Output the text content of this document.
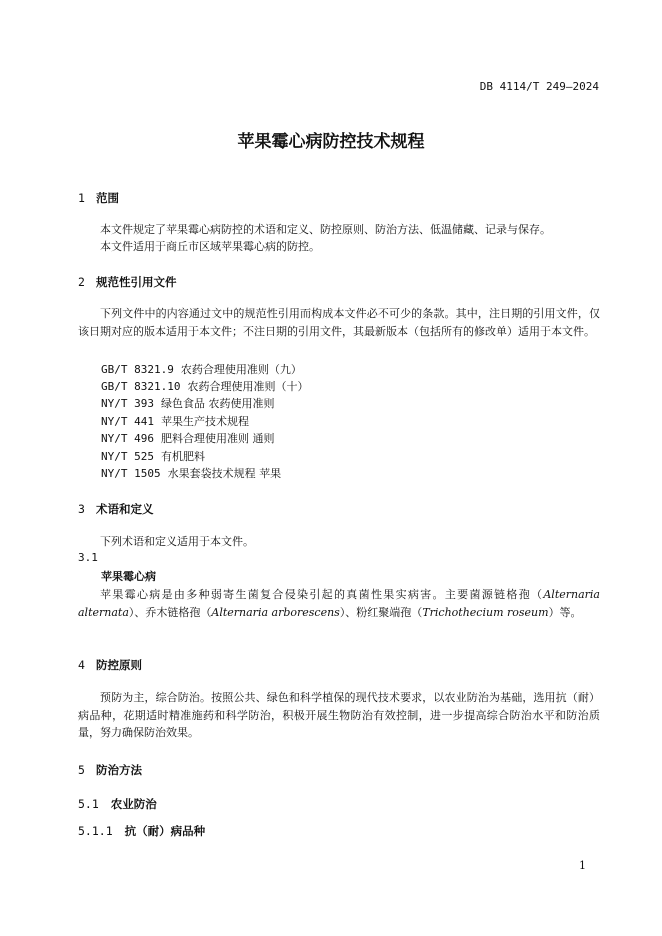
DB 4114/T 249—2024
苹果霉心病防控技术规程
1 范围
本文件规定了苹果霉心病防控的术语和定义、防控原则、防治方法、低温储藏、记录与保存。
本文件适用于商丘市区域苹果霉心病的防控。
2 规范性引用文件
下列文件中的内容通过文中的规范性引用而构成本文件必不可少的条款。其中，注日期的引用文件，仅该日期对应的版本适用于本文件；不注日期的引用文件，其最新版本（包括所有的修改单）适用于本文件。
GB/T 8321.9 农药合理使用准则（九）
GB/T 8321.10 农药合理使用准则（十）
NY/T 393 绿色食品 农药使用准则
NY/T 441 苹果生产技术规程
NY/T 496 肥料合理使用准则 通则
NY/T 525 有机肥料
NY/T 1505 水果套袋技术规程 苹果
3 术语和定义
下列术语和定义适用于本文件。
3.1
苹果霉心病
苹果霉心病是由多种弱寄生菌复合侵染引起的真菌性果实病害。主要菌源链格孢（Alternaria alternata）、乔木链格孢（Alternaria arborescens）、粉红聚端孢（Trichothecium roseum）等。
4 防控原则
预防为主，综合防治。按照公共、绿色和科学植保的现代技术要求，以农业防治为基础，选用抗（耐）病品种，花期适时精准施药和科学防治，积极开展生物防治有效控制，进一步提高综合防治水平和防治质量，努力确保防治效果。
5 防治方法
5.1 农业防治
5.1.1 抗（耐）病品种
1
